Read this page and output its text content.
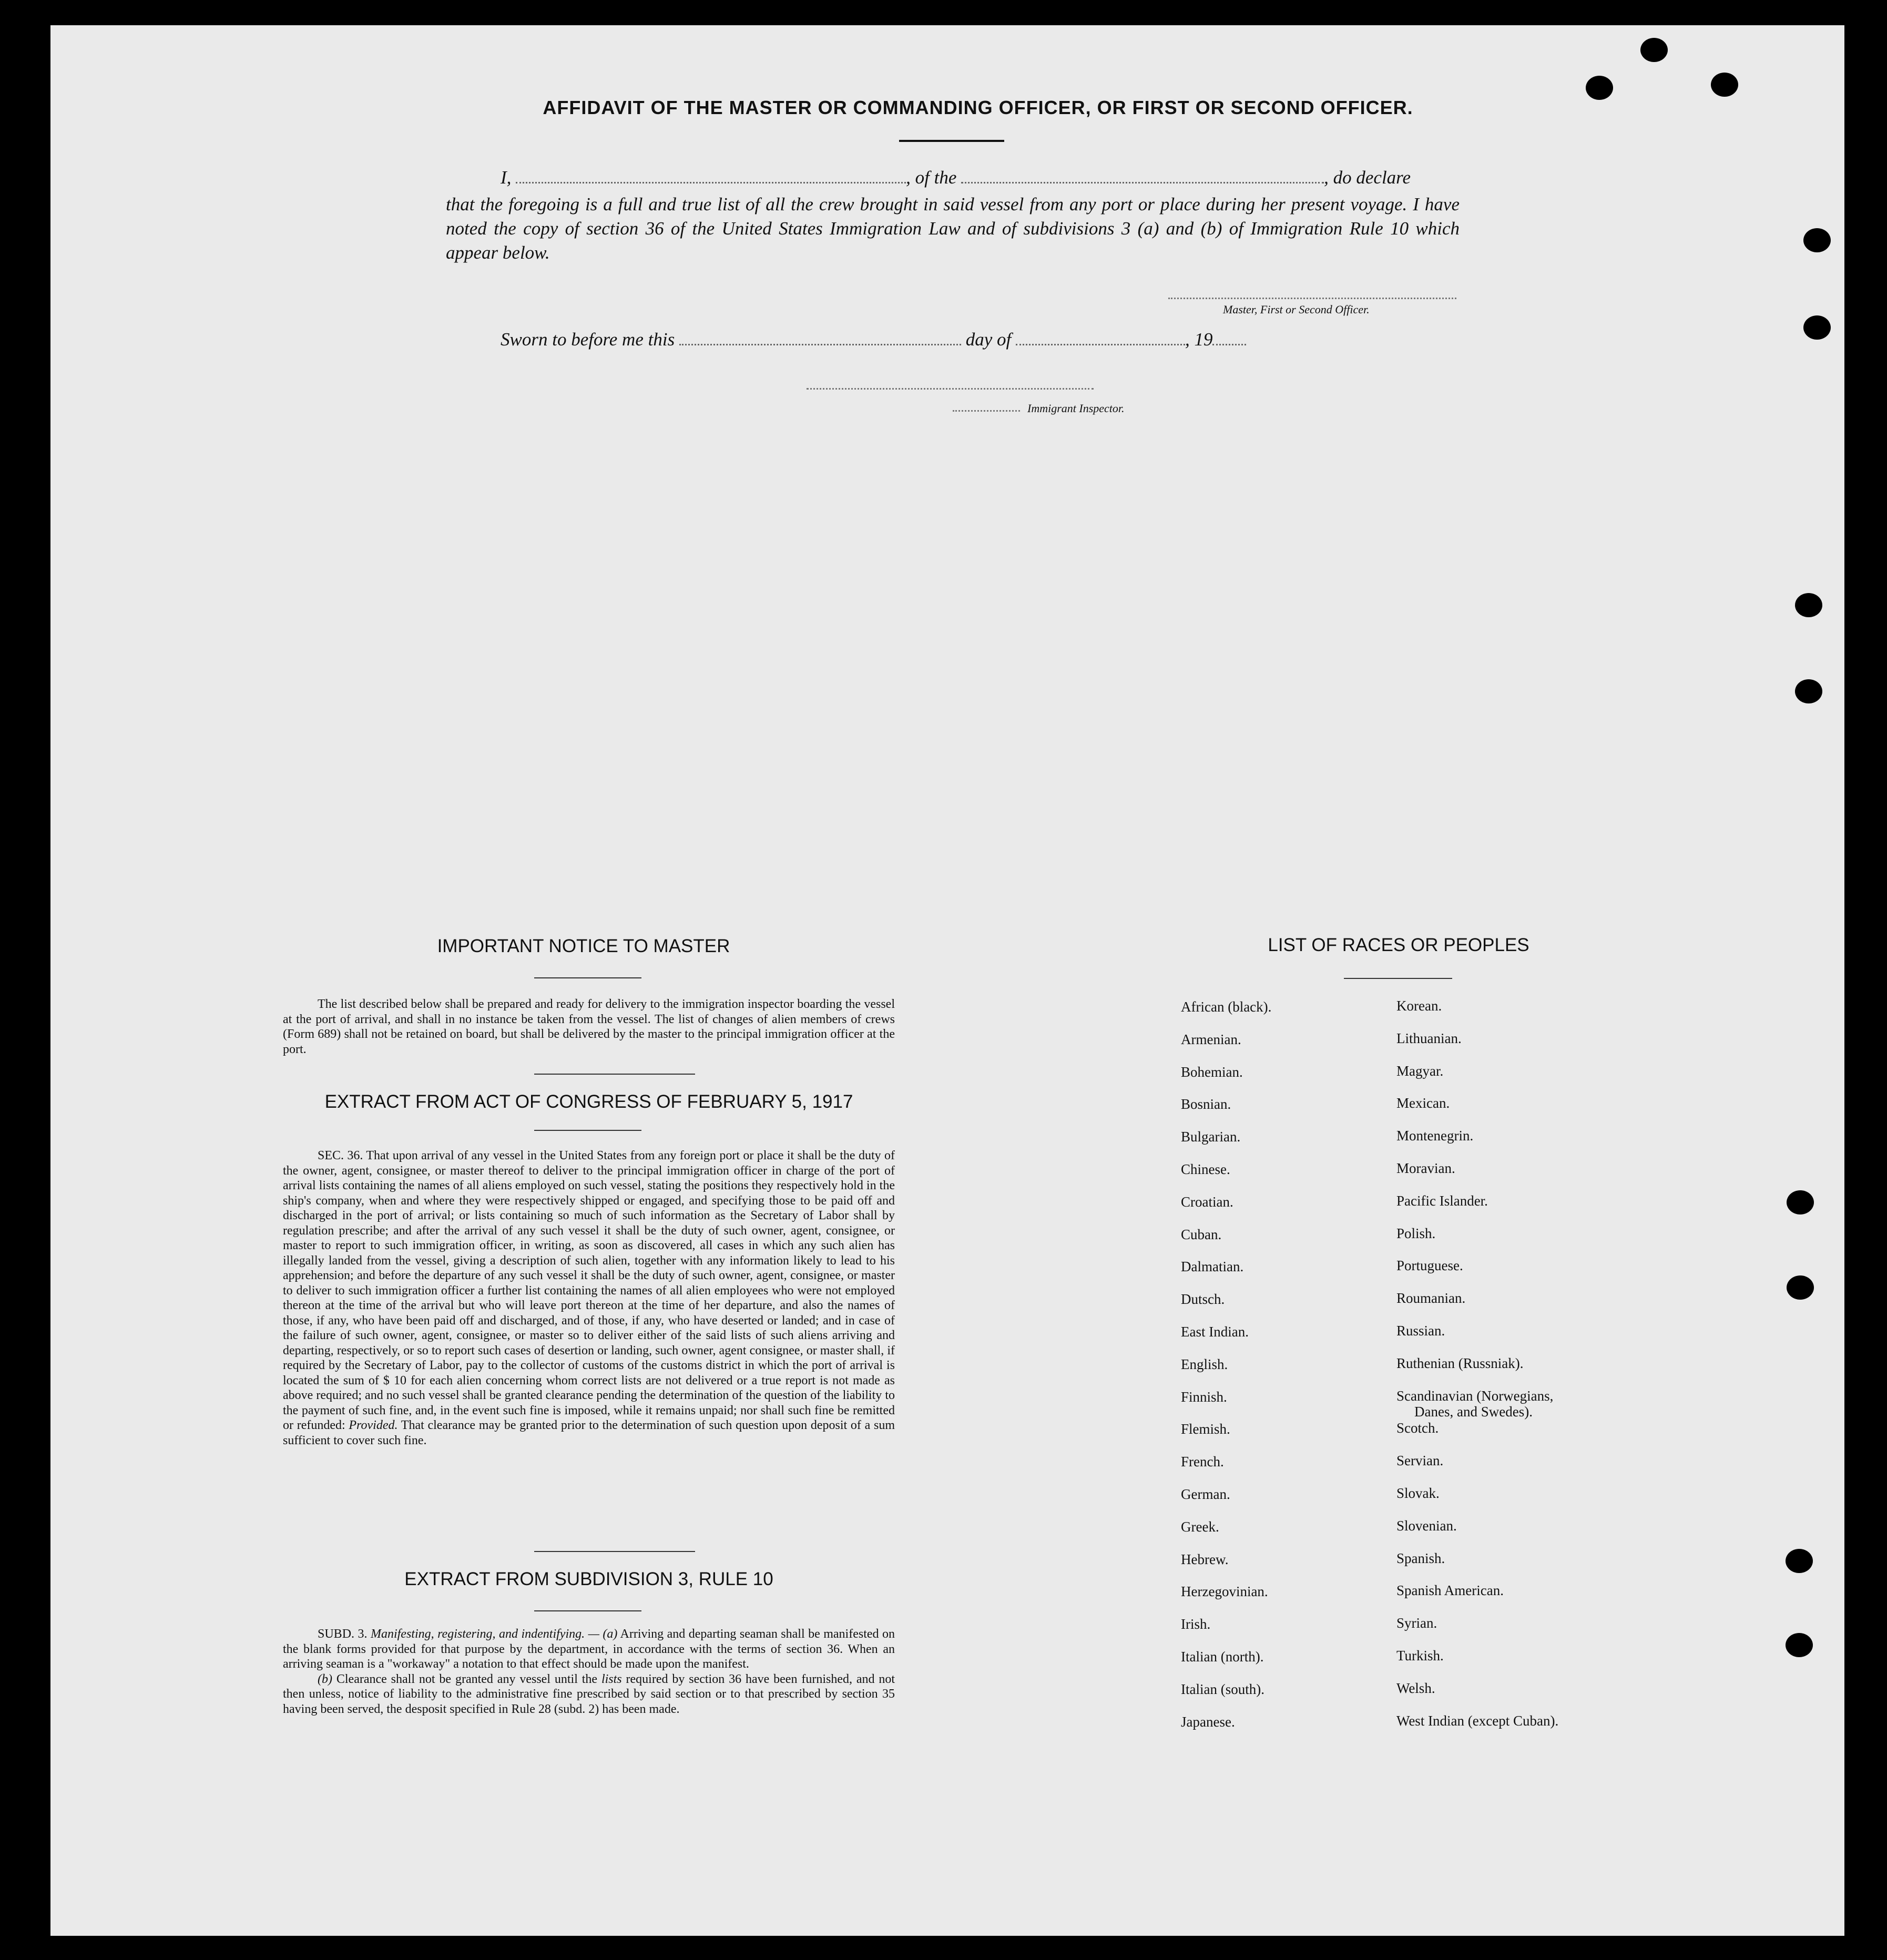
AFFIDAVIT OF THE MASTER OR COMMANDING OFFICER, OR FIRST OR SECOND OFFICER.
I,	, of the	, do declare
that the foregoing is a full and true list of all the crew brought in said vessel from any port or place during her present voyage. I have noted the copy of section 36 of the United States Immigration Law and of subdivisions 3 (a) and (b) of Immigration Rule 10 which appear below.
Master, First or Second Officer.
Sworn to before me this	day of	, 19
Immigrant Inspector.
IMPORTANT NOTICE TO MASTER

The list described below shall be prepared and ready for delivery to the immigration inspector boarding the vessel at the port of arrival, and shall in no instance be taken from the vessel. The list of changes of alien members of crews (Form 689) shall not be retained on board, but shall be delivered by the master to the principal immigration officer at the port.

EXTRACT FROM ACT OF CONGRESS OF FEBRUARY 5, 1917

SEC. 36. That upon arrival of any vessel in the United States from any foreign port or place it shall be the duty of the owner, agent, consignee, or master thereof to deliver to the principal immigration officer in charge of the port of arrival lists containing the names of all aliens employed on such vessel, stating the positions they respectively hold in the ship's company, when and where they were respectively shipped or engaged, and specifying those to be paid off and discharged in the port of arrival; or lists containing so much of such information as the Secretary of Labor shall by regulation prescribe; and after the arrival of any such vessel it shall be the duty of such owner, agent, consignee, or master to report to such immigration officer, in writing, as soon as discovered, all cases in which any such alien has illegally landed from the vessel, giving a description of such alien, together with any information likely to lead to his apprehension; and before the departure of any such vessel it shall be the duty of such owner, agent, consignee, or master to deliver to such immigration officer a further list containing the names of all alien employees who were not employed thereon at the time of the arrival but who will leave port thereon at the time of her departure, and also the names of those, if any, who have been paid off and discharged, and of those, if any, who have deserted or landed; and in case of the failure of such owner, agent, consignee, or master so to deliver either of the said lists of such aliens arriving and departing, respectively, or so to report such cases of desertion or landing, such owner, agent consignee, or master shall, if required by the Secretary of Labor, pay to the collector of customs of the customs district in which the port of arrival is located the sum of $ 10 for each alien concerning whom correct lists are not delivered or a true report is not made as above required; and no such vessel shall be granted clearance pending the determination of the question of the liability to the payment of such fine, and, in the event such fine is imposed, while it remains unpaid; nor shall such fine be remitted or refunded: Provided. That clearance may be granted prior to the determination of such question upon deposit of a sum sufficient to cover such fine.

EXTRACT FROM SUBDIVISION 3, RULE 10

SUBD. 3. Manifesting, registering, and indentifying. — (a) Arriving and departing seaman shall be manifested on the blank forms provided for that purpose by the department, in accordance with the terms of section 36. When an arriving seaman is a "workaway" a notation to that effect should be made upon the manifest.

(b) Clearance shall not be granted any vessel until the lists required by section 36 have been furnished, and not then unless, notice of liability to the administrative fine prescribed by said section or to that prescribed by section 35 having been served, the desposit specified in Rule 28 (subd. 2) has been made.

LIST OF RACES OR PEOPLES
African (black).
Armenian.
Bohemian.
Bosnian.
Bulgarian.
Chinese.
Croatian.
Cuban.
Dalmatian.
Dutsch.
East Indian.
English.
Finnish.
Flemish.
French.
German.
Greek.
Hebrew.
Herzegovinian.
Irish.
Italian (north).
Italian (south).
Japanese.
Korean.
Lithuanian.
Magyar.
Mexican.
Montenegrin.
Moravian.
Pacific Islander.
Polish.
Portuguese.
Roumanian.
Russian.
Ruthenian (Russniak).
Scandinavian (Norwegians,
Scotch.
Servian.
Slovak.
Slovenian.
Spanish.
Spanish American.
Syrian.
Turkish.
Welsh.
West Indian (except Cuban).
Danes, and Swedes).
